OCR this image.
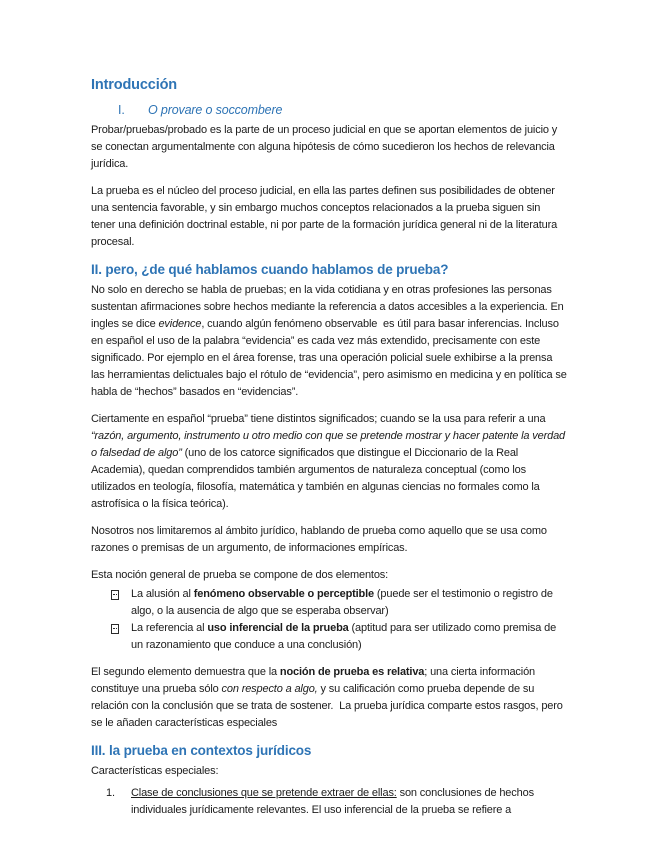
Introducción
I. O provare o soccombere

Probar/pruebas/probado es la parte de un proceso judicial en que se aportan elementos de juicio y se conectan argumentalmente con alguna hipótesis de cómo sucedieron los hechos de relevancia jurídica.

La prueba es el núcleo del proceso judicial, en ella las partes definen sus posibilidades de obtener una sentencia favorable, y sin embargo muchos conceptos relacionados a la prueba siguen sin tener una definición doctrinal estable, ni por parte de la formación jurídica general ni de la literatura procesal.

II. pero, ¿de qué hablamos cuando hablamos de prueba?

No solo en derecho se habla de pruebas; en la vida cotidiana y en otras profesiones las personas sustentan afirmaciones sobre hechos mediante la referencia a datos accesibles a la experiencia. En ingles se dice evidence, cuando algún fenómeno observable  es útil para basar inferencias. Incluso en español el uso de la palabra “evidencia” es cada vez más extendido, precisamente con este significado. Por ejemplo en el área forense, tras una operación policial suele exhibirse a la prensa las herramientas delictuales bajo el rótulo de “evidencia”, pero asimismo en medicina y en política se habla de “hechos” basados en “evidencias”.

Ciertamente en español “prueba” tiene distintos significados; cuando se la usa para referir a una “razón, argumento, instrumento u otro medio con que se pretende mostrar y hacer patente la verdad o falsedad de algo” (uno de los catorce significados que distingue el Diccionario de la Real Academia), quedan comprendidos también argumentos de naturaleza conceptual (como los utilizados en teología, filosofía, matemática y también en algunas ciencias no formales como la astrofísica o la física teórica).

Nosotros nos limitaremos al ámbito jurídico, hablando de prueba como aquello que se usa como razones o premisas de un argumento, de informaciones empíricas.

Esta noción general de prueba se compone de dos elementos:

La alusión al fenómeno observable o perceptible (puede ser el testimonio o registro de algo, o la ausencia de algo que se esperaba observar)
La referencia al uso inferencial de la prueba (aptitud para ser utilizado como premisa de un razonamiento que conduce a una conclusión)

El segundo elemento demuestra que la noción de prueba es relativa; una cierta información constituye una prueba sólo con respecto a algo, y su calificación como prueba depende de su relación con la conclusión que se trata de sostener.  La prueba jurídica comparte estos rasgos, pero se le añaden características especiales

III. la prueba en contextos jurídicos

Características especiales:

1. Clase de conclusiones que se pretende extraer de ellas: son conclusiones de hechos individuales jurídicamente relevantes. El uso inferencial de la prueba se refiere a
